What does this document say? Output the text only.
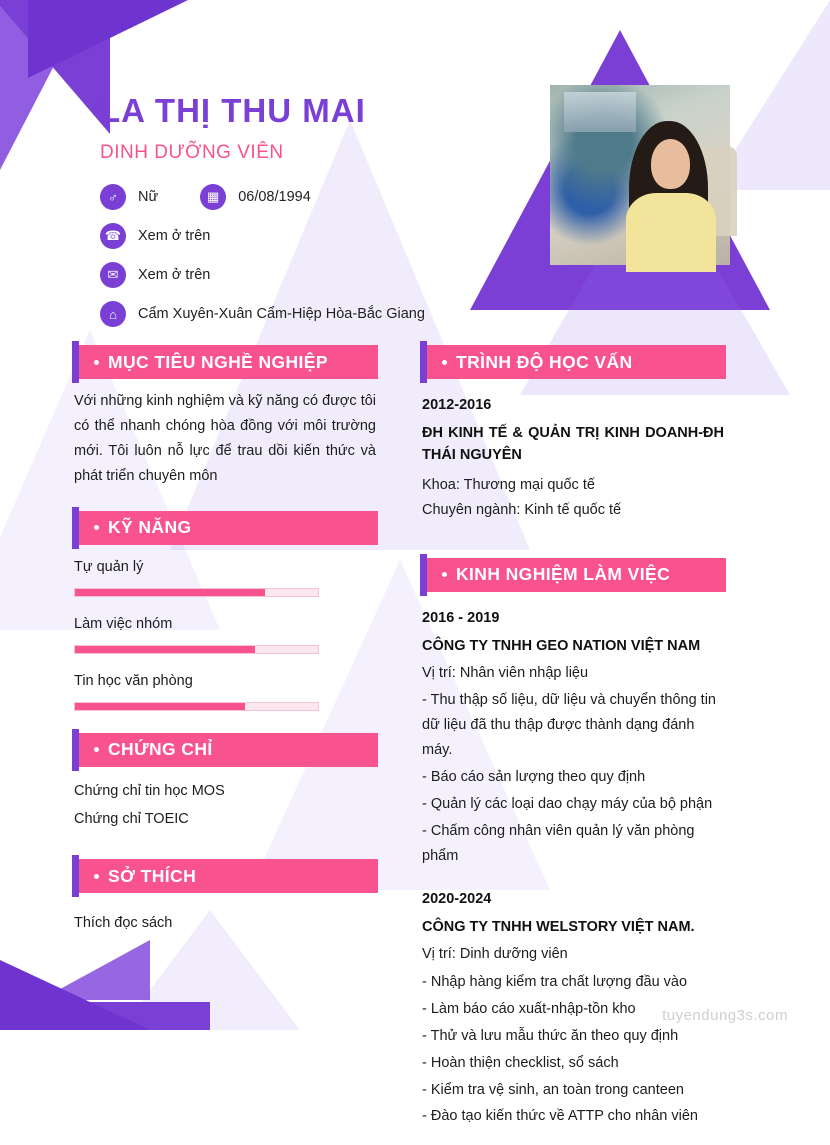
LA THỊ THU MAI
DINH DƯỠNG VIÊN
♂	Nữ	▦	06/08/1994
☎	Xem ở trên
✉	Xem ở trên
⌂	Cẩm Xuyên-Xuân Cẩm-Hiệp Hòa-Bắc Giang
MỤC TIÊU NGHỀ NGHIỆP
Với những kinh nghiệm và kỹ năng có được tôi có thể nhanh chóng hòa đồng với môi trường mới. Tôi luôn nỗ lực để trau dồi kiến thức và phát triển chuyên môn
KỸ NĂNG
Tự quản lý
Làm việc nhóm
Tin học văn phòng
CHỨNG CHỈ
Chứng chỉ tin học MOS
Chứng chỉ TOEIC
SỞ THÍCH
Thích đọc sách
TRÌNH ĐỘ HỌC VẤN
2012-2016
ĐH KINH TẾ & QUẢN TRỊ KINH DOANH-ĐH THÁI NGUYÊN
Khoa: Thương mại quốc tế
Chuyên ngành: Kinh tế quốc tế
KINH NGHIỆM LÀM VIỆC
2016 - 2019
CÔNG TY TNHH GEO NATION VIỆT NAM
Vị trí: Nhân viên nhập liệu
- Thu thập số liệu, dữ liệu và chuyển thông tin dữ liệu đã thu thập được thành dạng đánh máy.
- Báo cáo sản lượng theo quy định
- Quản lý các loại dao chạy máy của bộ phận
- Chấm công nhân viên quản lý văn phòng phẩm
2020-2024
CÔNG TY TNHH WELSTORY VIỆT NAM.
Vị trí: Dinh dưỡng viên
- Nhập hàng kiểm tra chất lượng đầu vào
- Làm báo cáo xuất-nhập-tồn kho
- Thử và lưu mẫu thức ăn theo quy định
- Hoàn thiện checklist, sổ sách
- Kiểm tra vệ sinh, an toàn trong canteen
- Đào tạo kiến thức về ATTP cho nhân viên
tuyendung3s.com
